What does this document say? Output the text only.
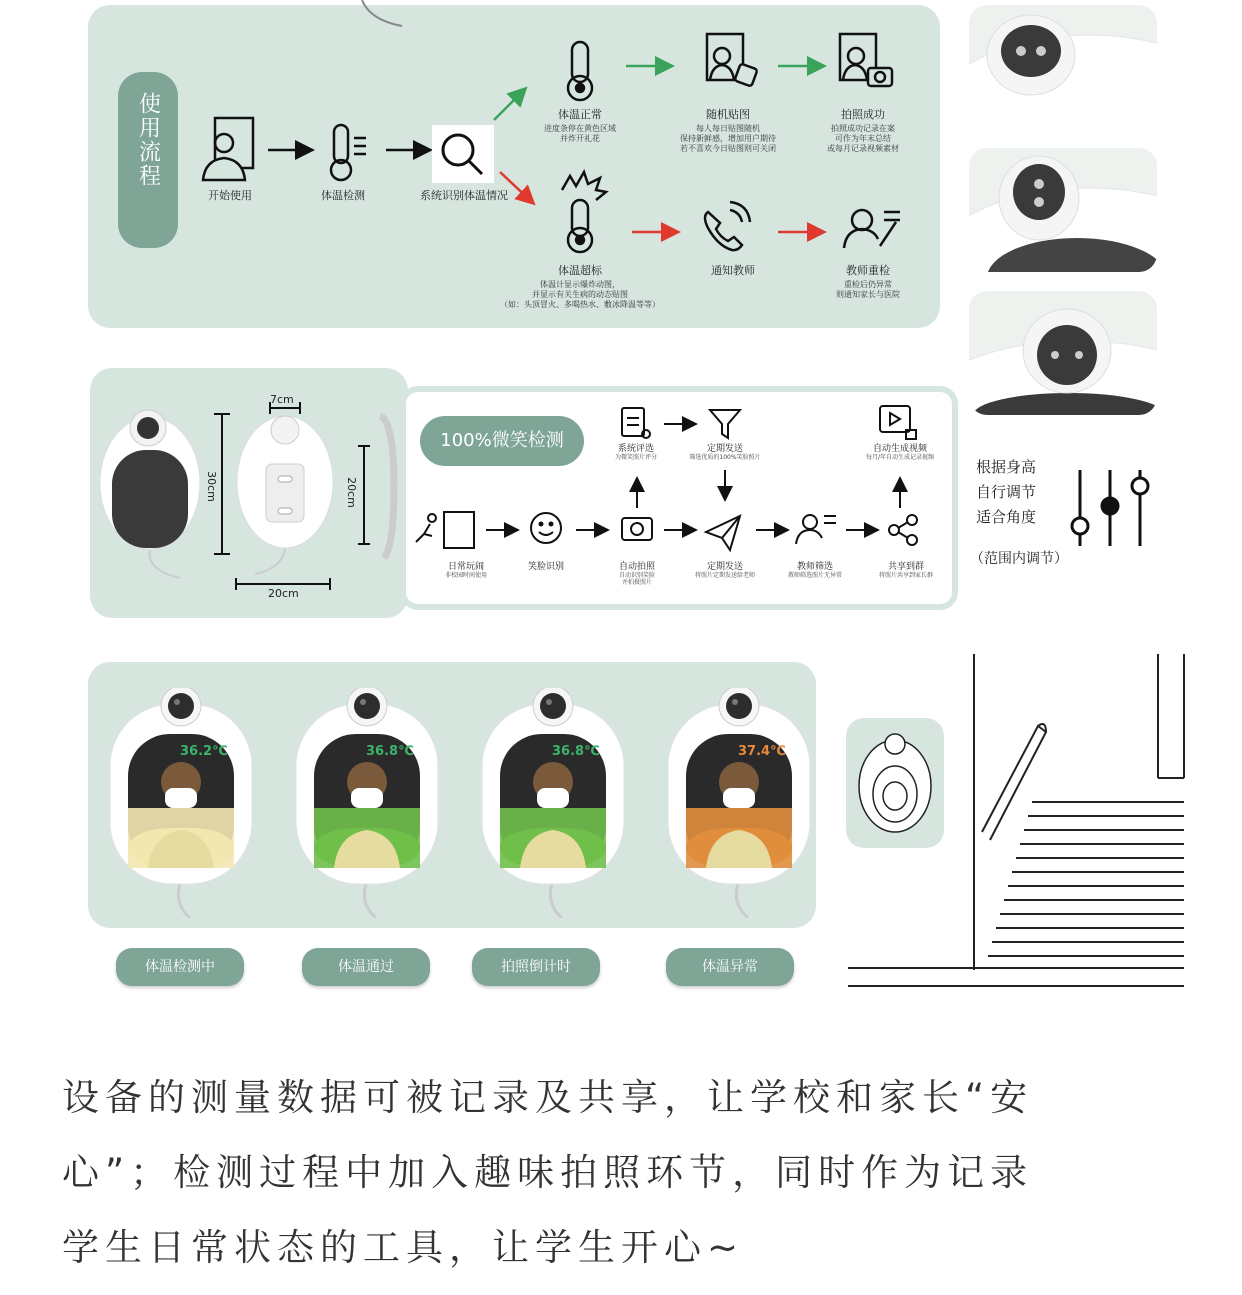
使用流程
开始使用	体温检测	系统识别体温情况
体温正常
进度条停在黄色区域
并炸开礼花
随机贴图
每人每日贴图随机
保持新鲜感，增加用户期待
若不喜欢今日贴图则可关闭
拍照成功
拍照成功记录在案
可作为年末总结
或每月记录视频素材
体温超标
体温计显示爆炸动图，
并显示有关生病的动态贴图
（如：头顶冒火、多喝热水、敷冰降温等等）
通知教师	教师重检
重检后仍异常
则通知家长与医院
根据身高
自行调节
适合角度
（范围内调节）
7cm
30cm	20cm
20cm
100%微笑检测
日常玩闹
非校园时间使用
笑脸识别	自动拍照
自动识别笑脸
并拍摄照片
定期发送
将照片定期发送给老师
教师筛选
教师筛选照片无异常
共享到群
将照片共享到家长群
系统评选
为微笑照片评分
定期发送
筛选优质的100%笑脸照片
自动生成视频
每月/年自动生成记录视频
体温检测中	体温通过	拍照倒计时	体温异常
设备的测量数据可被记录及共享，让学校和家长“安
心”；检测过程中加入趣味拍照环节，同时作为记录
学生日常状态的工具，让学生开心~
36.2℃	36.8℃	36.8℃	37.4℃
